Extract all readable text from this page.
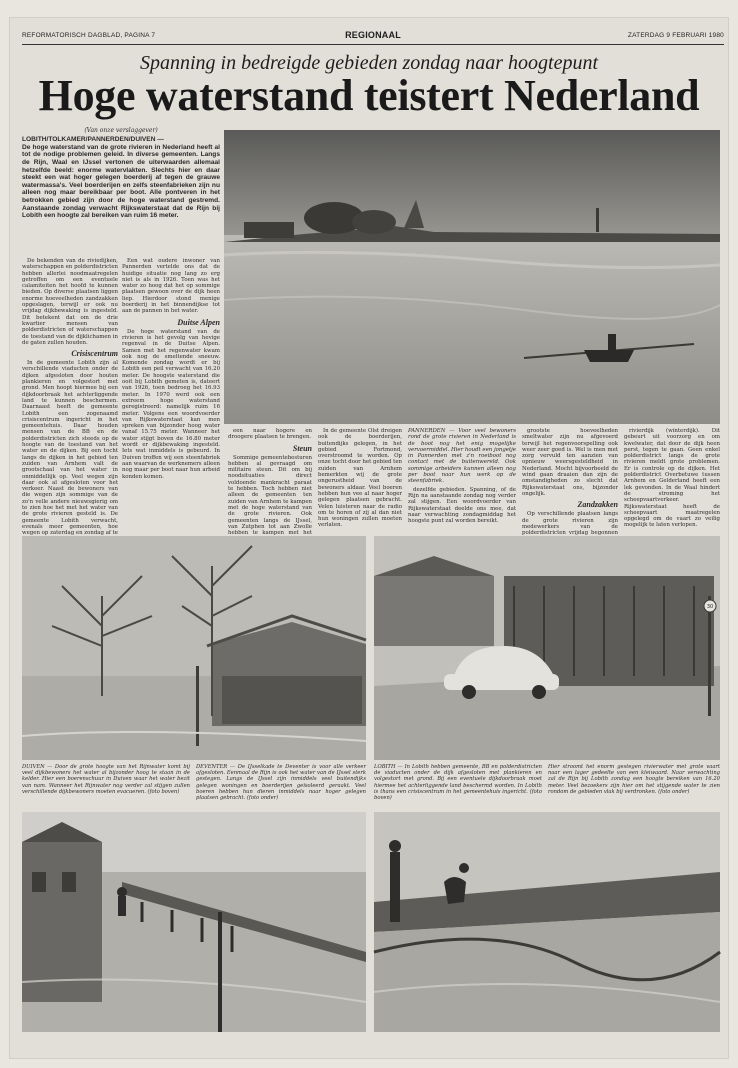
REFORMATORISCH DAGBLAD, PAGINA 7	REGIONAAL	ZATERDAG 9 FEBRUARI 1980
Spanning in bedreigde gebieden zondag naar hoogtepunt
Hoge waterstand teistert Nederland
(Van onze verslaggever)
LOBITH/TOLKAMER/PANNERDEN/DUIVEN —
De hoge waterstand van de grote rivieren in Nederland heeft al tot de nodige problemen geleid. In diverse gemeenten. Langs de Rijn, Waal en IJssel vertonen de uiterwaarden allemaal hetzelfde beeld: enorme watervlakten. Slechts hier en daar steekt een wat hoger gelegen boerderij af tegen de grauwe watermassa's. Veel boerderijen en zelfs steenfabrieken zijn nu alleen nog maar bereikbaar per boot. Alle pontveren in het betrokken gebied zijn door de hoge waterstand gestremd. Aanstaande zondag verwacht Rijkswaterstaat dat de Rijn bij Lobith een hoogte zal bereiken van ruim 16 meter.

De bekenden van de riviedijken, waterschappen en polderdistricten hebben allerlei noodmaatregelen getroffen om een eventuele calamiteiten het hoofd te kunnen bieden. Op diverse plaatsen liggen enorme hoeveelheden zandzakken opgeslagen, terwijl er ook nu vrijdag dijkbewaking is ingesteld. Dit betekent dat om de drie kwartier mensen van polderdistricten of waterschappen de toestand van de dijklichamen in de gaten zullen houden.

Crisiscentrum

In de gemeente Lobith zijn al verschillende viaducten onder de dijken afgesloten door houten plankieren en volgestort met grond. Men hoopt hiermee bij een dijkdoorbraak het achterliggende land te kunnen beschermen. Daarnaast heeft de gemeente Lobith een zogenaamd crisiscentrum ingericht in het gemeentehuis. Daar houden mensen van de BB en de polderdistricten zich steeds op de hoogte van de toestand van het water en de dijken. Bij een tocht langs de dijken in het gebied ten zuiden van Arnhem valt de grootschaal van het water in onmiddellijk op. Veel wegen zijn daar ook al afgesloten voor het verkeer. Naast de bewoners van die wegen zijn sommige van de zo'n velle andere nieuwsgierig om te zien hoe het met het water van de grote rivieren gesteld is. De gemeente Lobith verwacht, evenals meer gemeenten, hoe wegen op zaterdag en zondag af te

Een wat oudere inwoner van Pannerden vertelde ons dat de huidige situatie nog lang zo erg niet is als in 1926. Toen was het water zo hoog dat het op sommige plaatsen gewoon over de dijk heen liep. Hierdoor stond menige boerderij in het binnendijkse tot aan de pannen in het water.

Duitse Alpen

De hoge waterstand van de rivieren is het gevolg van hevige regenval in de Duitse Alpen. Samen met het regenwater kwam ook nog de smeltende sneeuw. Komende zondag wordt er bij Lobith een peil verwacht van 16.20 meter. De hoogste waterstand die ooit bij Lobith gemeten is, dateert van 1926, toen bedroeg het 16.93 meter. In 1970 werd ook een extreem hoge waterstand geregistreerd: namelijk ruim 16 meter. Volgens een woordvoerder van Rijkswaterstaat kan men spreken van bijzonder hoog water vanaf 15.75 meter. Wanneer het water stijgt boven de 16.80 meter wordt er dijkbewaking ingesteld. Iets wat inmiddels is gebeurd. In Duiven troffen wij een steenfabriek aan waarvan de werknemers alleen nog maar per boot naar hun arbeid konden komen.

een naar hogere en droogere plaatsen te brengen.

Steun

Sommige gemeentebesturen hebben al gevraagd om militaire steun. Dit om bij noodsituaties direct voldoende mankracht paraat te hebben. Toch hebben niet alleen de gemeenten ten zuiden van Arnhem te kampen met de hoge waterstand van de grote rivieren. Ook gemeenten langs de IJssel, van Zutphen tot aan Zwolle hebben te kampen met het

In de gemeente Olst dreigen ook de boerderijen, buitendijks gelegen, in het gebied Fortmond, overstroomd te worden. Op onze tocht door het gebied ten zuiden van Arnhem bemerkten wij de grote ongerustheid van de bewoners aldaar. Veel boeren hebben hun vee al naar hoger gelegen plaatsen gebracht. Velen luisteren naar de radio om te horen of zij al dan niet hun woningen zullen moeten verlaten.

PANNERDEN — Voor veel bewoners rond de grote rivieren in Nederland is de boot nog het enig mogelijke vervoermiddel. Hier houdt een jongetje in Pannerden met z'n roeiboot nog contact met de buitenwereld. Ook sommige arbeiders kunnen alleen nog per boot naar hun werk op de steenfabriek.

dezelfde gebieden. Spanning, of de Rijn na aanstaande zondag nog verder zal stijgen. Een woordvoerder van Rijkswaterstaat deelde ons mee, dat naar verwachting zondagmiddag het hoogste punt zal worden bereikt.

grootste hoeveelheden smeltwater zijn nu afgevoerd terwijl het regenvoorspelling ook weer zeer goed is. Wel is men met zorg vervuld ten aanzien van opnieuw weersgesteldheid in Nederland. Mocht bijvoorbeeld de wind gaan draaien dan zijn de omstandigheden zo slecht dat Rijkswaterstaat ons, bijzonder ongelijk.

Zandzakken

Op verschillende plaatsen langs de grote rivieren zijn medewerkers van de polderdistricten vrijdag begonnen

rivierdijk (winterdijk). Dit gebeurt uit voorzorg en om kwelwater, dat door de dijk heen perst, tegen te gaan. Geen enkel polderdistrict langs de grote rivieren meldt grote problemen. Er is controle op de dijken. Het polderdistrict Overbetuwe tussen Arnhem en Gelderland heeft een lek gevonden. In de Waal hindert de stroming het scheepvaartverkeer. Rijkswaterstaat heeft de scheepvaart maatregelen opgelegd om de vaart zo veilig mogelijk te laten verlopen.

30
DUIVEN — Door de grote hoogte van het Rijnwater komt bij veel dijkbewoners het water al bijzonder hoog te staan in de kelder. Hier een boerenschuur in Duiven waar het water bezit van nam. Wanneer het Rijnwater nog verder zal stijgen zullen verschillende dijkbewoners moeten evacueren. (foto boven)
DEVENTER — De IJsselkade te Deventer is voor alle verkeer afgesloten. Eenmaal de Rijn is ook het water van de IJssel sterk gestegen. Langs de IJssel zijn inmiddels veel buitendijks gelegen woningen en boerderijen geïsoleerd geraakt. Veel boeren hebben hun dieren inmiddels naar hoger gelegen plaatsen gebracht. (foto onder)
LOBITH — In Lobith hebben gemeente, BB en polderdistricten de viaducten onder de dijk afgesloten met plankieren en volgestort met grond. Bij een eventuele dijkdoorbraak moet hiermee het achterliggende land beschermd worden. In Lobith is thans een crisiscentrum in het gemeentehuis ingericht. (foto boven)
Hier stroomt het enorm gestegen rivierwater met grote vaart naar een lager gedeelte van een kleiwaard. Naar verwachting zal de Rijn bij Lobith zondag een hoogte bereiken van 16.20 meter. Veel bezoekers zijn hier om het stijgende water te zien rondom de gebieden vlak bij verdronken. (foto onder)
